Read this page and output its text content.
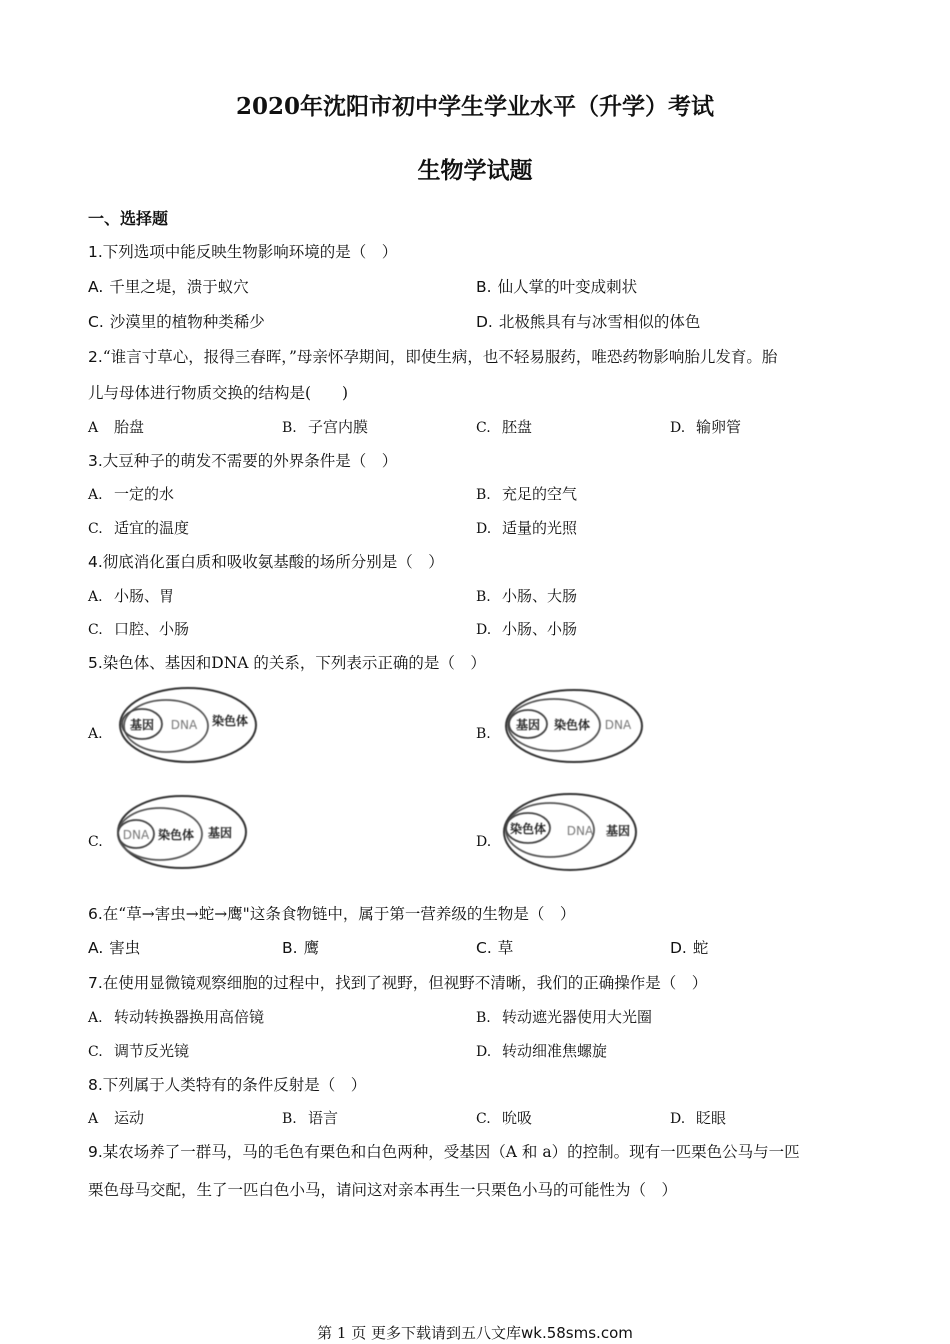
2020年沈阳市初中学生学业水平（升学）考试
生物学试题
一、选择题
1.下列选项中能反映生物影响环境的是（　）
A. 千里之堤，溃于蚁穴	B. 仙人掌的叶变成刺状
C. 沙漠里的植物种类稀少	D. 北极熊具有与冰雪相似的体色
2.“谁言寸草心，报得三春晖，”母亲怀孕期间，即使生病，也不轻易服药，唯恐药物影响胎儿发育。胎
儿与母体进行物质交换的结构是(　　)
A 胎盘	B. 子宫内膜	C. 胚盘	D. 输卵管
3.大豆种子的萌发不需要的外界条件是（　）
A. 一定的水	B. 充足的空气
C. 适宜的温度	D. 适量的光照
4.彻底消化蛋白质和吸收氨基酸的场所分别是（　）
A. 小肠、胃	B. 小肠、大肠
C. 口腔、小肠	D. 小肠、小肠
5.染色体、基因和DNA 的关系，下列表示正确的是（　）
A.
基因 DNA 染色体
B.
基因 染色体 DNA
C.	DNA 染色体 基因
D.
染色体 DNA 基因
6.在“草→害虫→蛇→鹰"这条食物链中，属于第一营养级的生物是（　）
A. 害虫	B. 鹰	C. 草	D. 蛇
7.在使用显微镜观察细胞的过程中，找到了视野，但视野不清晰，我们的正确操作是（　）
A. 转动转换器换用高倍镜	B. 转动遮光器使用大光圈
C. 调节反光镜	D. 转动细准焦螺旋
8.下列属于人类特有的条件反射是（　）
A 运动	B. 语言	C. 吮吸	D. 眨眼
9.某农场养了一群马，马的毛色有栗色和白色两种，受基因（A 和 a）的控制。现有一匹栗色公马与一匹
栗色母马交配，生了一匹白色小马，请问这对亲本再生一只栗色小马的可能性为（　）
第 1 页 更多下载请到五八文库wk.58sms.com
